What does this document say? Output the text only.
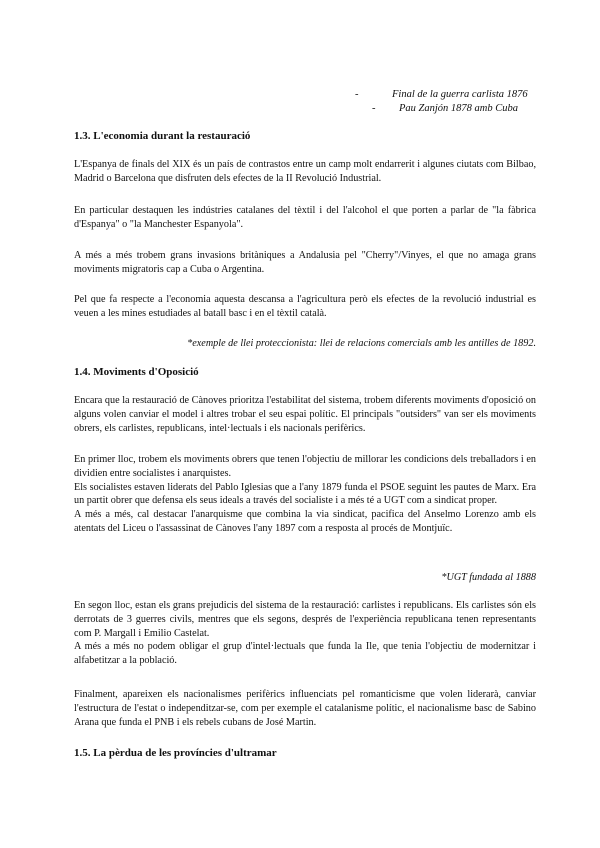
-	Final de la guerra carlista 1876
- Pau Zanjón 1878 amb Cuba
1.3. L'economia durant la restauració

L'Espanya de finals del XIX és un país de contrastos entre un camp molt endarrerit i algunes ciutats com Bilbao, Madrid o Barcelona que disfruten dels efectes de la II Revolució Industrial.

En particular destaquen les indústries catalanes del tèxtil i del l'alcohol el que porten a parlar de "la fàbrica d'Espanya" o "la Manchester Espanyola".

A més a més trobem grans invasions britàniques a Andalusia pel "Cherry"/Vinyes, el que no amaga grans moviments migratoris cap a Cuba o Argentina.

Pel que fa respecte a l'economia aquesta descansa a l'agricultura però els efectes de la revolució industrial es veuen a les mines estudiades al batall basc i en el tèxtil català.

*exemple de llei proteccionista: llei de relacions comercials amb les antilles de 1892.
1.4. Moviments d'Oposició

Encara que la restauració de Cànoves prioritza l'estabilitat del sistema, trobem diferents moviments d'oposició on alguns volen canviar el model i altres trobar el seu espai polític. El principals "outsiders" van ser els moviments obrers, els carlistes, republicans, intel·lectuals i els nacionals perifèrics.

En primer lloc, trobem els moviments obrers que tenen l'objectiu de millorar les condicions dels treballadors i en dividien entre socialistes i anarquistes.

Els socialistes estaven liderats del Pablo Iglesias que a l'any 1879 funda el PSOE seguint les pautes de Marx. Era un partit obrer que defensa els seus ideals a través del socialiste i a més té a UGT com a sindicat proper.

A més a més, cal destacar l'anarquisme que combina la via sindicat, pacifica del Anselmo Lorenzo amb els atentats del Liceu o l'assassinat de Cànoves l'any 1897 com a resposta al procés de Montjuïc.

*UGT fundada al 1888

En segon lloc, estan els grans prejudicis del sistema de la restauració: carlistes i republicans. Els carlistes són els derrotats de 3 guerres civils, mentres que els segons, després de l'experiència republicana tenen representants com P. Margall i Emilio Castelat.

A més a més no podem obligar el grup d'intel·lectuals que funda la Ile, que tenia l'objectiu de modernitzar i alfabetitzar a la població.

Finalment, apareixen els nacionalismes perifèrics influenciats pel romanticisme que volen liderarà, canviar l'estructura de l'estat o independitzar-se, com per exemple el catalanisme polític, el nacionalisme basc de Sabino Arana que funda el PNB i els rebels cubans de José Martin.

1.5. La pèrdua de les províncies d'ultramar
